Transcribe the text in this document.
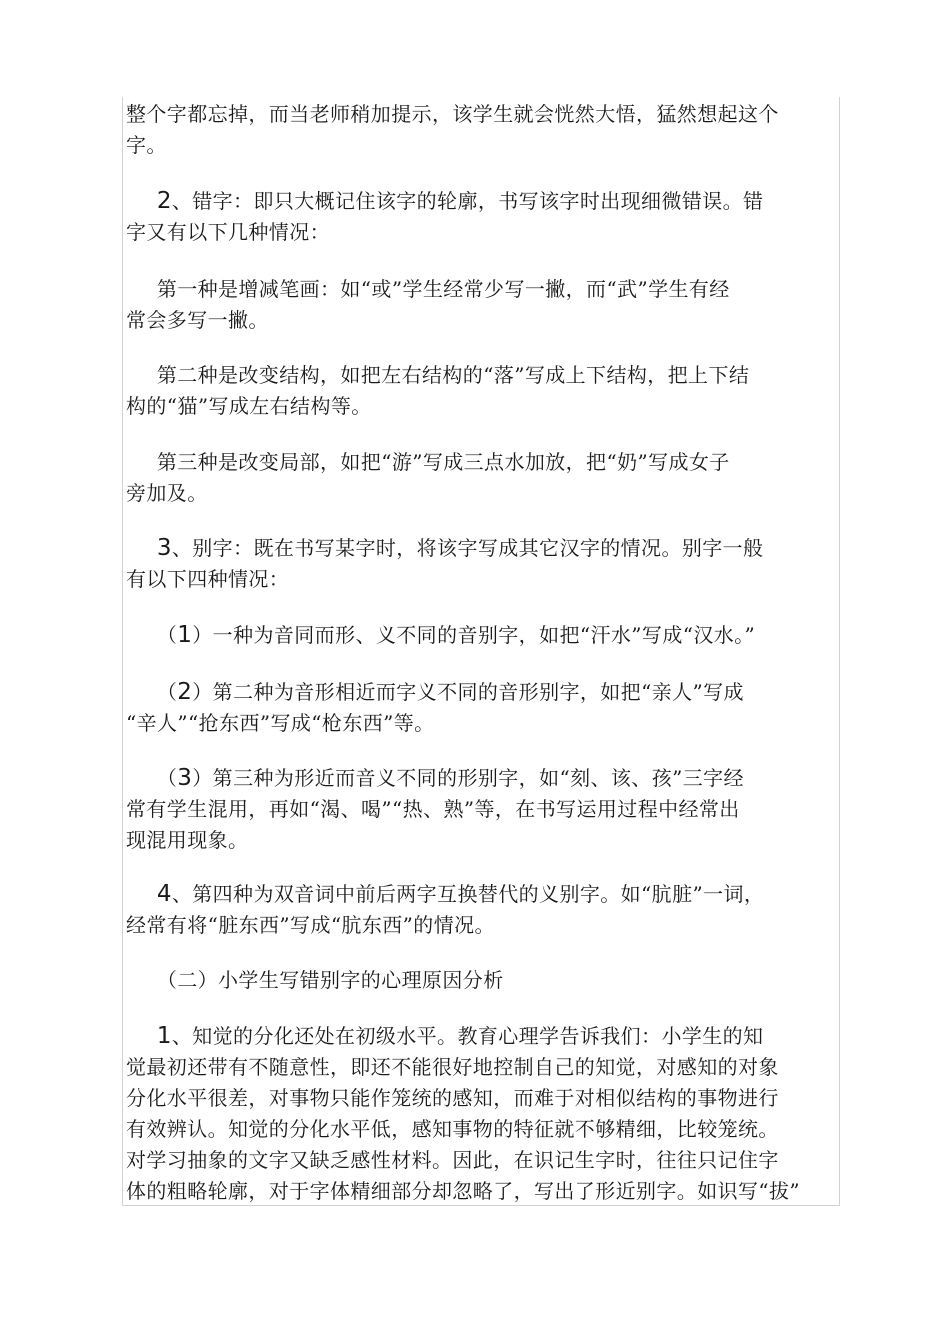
整个字都忘掉，而当老师稍加提示，该学生就会恍然大悟，猛然想起这个
字。
  2、错字：即只大概记住该字的轮廓，书写该字时出现细微错误。错
字又有以下几种情况：
  第一种是增减笔画：如“或”学生经常少写一撇，而“武”学生有经
常会多写一撇。
  第二种是改变结构，如把左右结构的“落”写成上下结构，把上下结
构的“猫”写成左右结构等。
  第三种是改变局部，如把“游”写成三点水加放，把“奶”写成女子
旁加及。
  3、别字：既在书写某字时，将该字写成其它汉字的情况。别字一般
有以下四种情况：
  （1）一种为音同而形、义不同的音别字，如把“汗水”写成“汉水。”
  （2）第二种为音形相近而字义不同的音形别字，如把“亲人”写成
“辛人”“抢东西”写成“枪东西”等。
  （3）第三种为形近而音义不同的形别字，如“刻、该、孩”三字经
常有学生混用，再如“渴、喝”“热、熟”等，在书写运用过程中经常出
现混用现象。
  4、第四种为双音词中前后两字互换替代的义别字。如“肮脏”一词，
经常有将“脏东西”写成“肮东西”的情况。
  （二）小学生写错别字的心理原因分析
  1、知觉的分化还处在初级水平。教育心理学告诉我们：小学生的知
觉最初还带有不随意性，即还不能很好地控制自己的知觉，对感知的对象
分化水平很差，对事物只能作笼统的感知，而难于对相似结构的事物进行
有效辨认。知觉的分化水平低，感知事物的特征就不够精细，比较笼统。
对学习抽象的文字又缺乏感性材料。因此，在识记生字时，往往只记住字
体的粗略轮廓，对于字体精细部分却忽略了，写出了形近别字。如识写“拔”
